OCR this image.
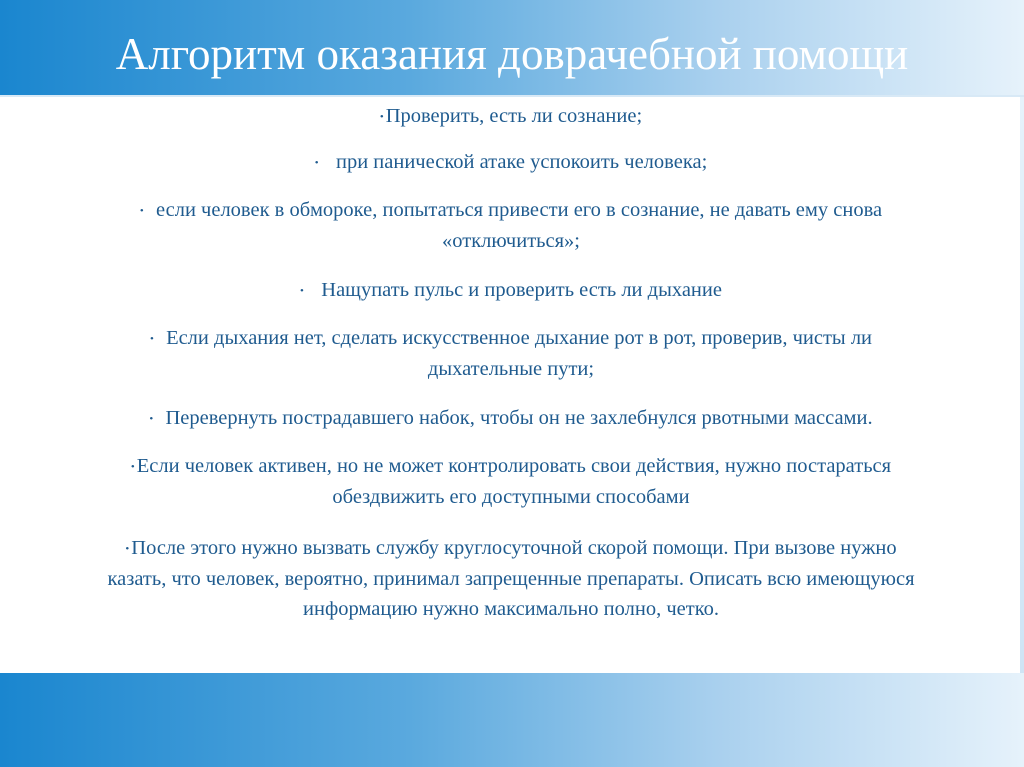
Алгоритм оказания доврачебной помощи
•Проверить, есть ли сознание;
• при панической атаке успокоить человека;
• если человек в обмороке, попытаться привести его в сознание, не давать ему снова
«отключиться»;
• Нащупать пульс и проверить есть ли дыхание
• Если дыхания нет, сделать искусственное дыхание рот в рот, проверив, чисты ли
дыхательные пути;
• Перевернуть пострадавшего набок, чтобы он не захлебнулся рвотными массами.
•Если человек активен, но не может контролировать свои действия, нужно постараться
обездвижить его доступными способами
•После этого нужно вызвать службу круглосуточной скорой помощи. При вызове нужно
казать, что человек, вероятно, принимал запрещенные препараты. Описать всю имеющуюся
информацию нужно максимально полно, четко.
